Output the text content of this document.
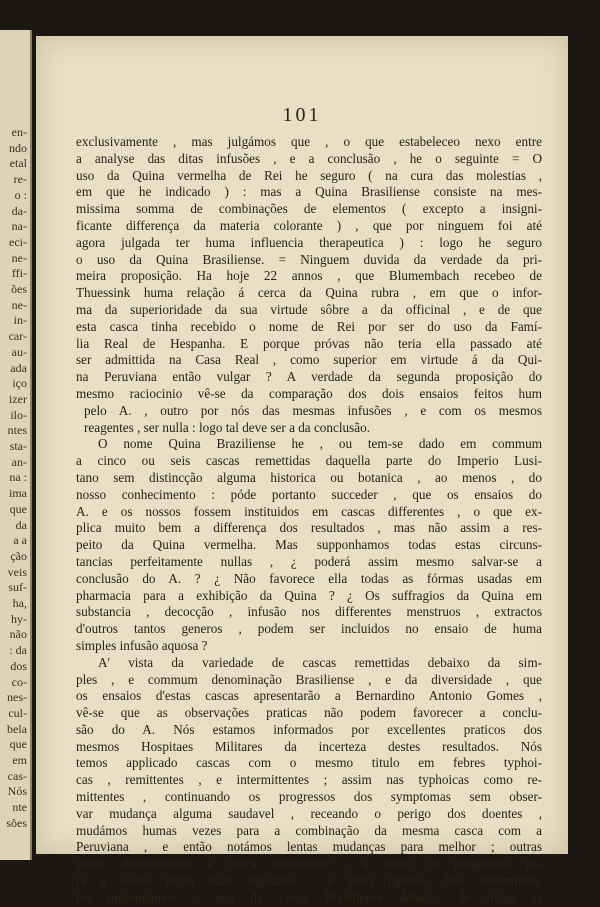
en-
ndo
etal
re-
o :
da-
na-
eci-
ne-
ffi-
ões
ne-
in-
car-
au-
ada
iço
izer
ilo-
ntes
sta-
an-
na :
ima
que
da
a a
ção
veis
suf-
ha,
hy-
não
: da
dos
co-
nes-
cul-
bela
que
em
cas-
Nós
nte
sões
101
exclusivamente , mas julgámos que , o que estabeleceo nexo entre
a analyse das ditas infusões , e a conclusão , he o seguinte = O
uso da Quina vermelha de Rei he seguro ( na cura das molestias ,
em que he indicado ) : mas a Quina Brasiliense consiste na mes-
missima somma de combinações de elementos ( excepto a insigni-
ficante differença da materia colorante ) , que por ninguem foi até
agora julgada ter huma influencia therapeutica ) : logo he seguro
o uso da Quina Brasiliense. = Ninguem duvida da verdade da pri-
meira proposição. Ha hoje 22 annos , que Blumembach recebeo de
Thuessink huma relação á cerca da Quina rubra , em que o infor-
ma da superioridade da sua virtude sôbre a da officinal , e de que
esta casca tinha recebido o nome de Rei por ser do uso da Famí-
lia Real de Hespanha. E porque próvas não teria ella passado até
ser admittida na Casa Real , como superior em virtude á da Qui-
na Peruviana então vulgar ? A verdade da segunda proposição do
mesmo raciocinio vê-se da comparação dos dois ensaios feitos hum
pelo A. , outro por nós das mesmas infusões , e com os mesmos
reagentes , ser nulla : logo tal deve ser a da conclusão.
O nome Quina Braziliense he , ou tem-se dado em commum
a cinco ou seis cascas remettidas daquella parte do Imperio Lusi-
tano sem distincção alguma historica ou botanica , ao menos , do
nosso conhecimento : póde portanto succeder , que os ensaios do
A. e os nossos fossem instituidos em cascas differentes , o que ex-
plica muito bem a differença dos resultados , mas não assim a res-
peito da Quina vermelha. Mas supponhamos todas estas circuns-
tancias perfeitamente nullas , ¿ poderá assim mesmo salvar-se a
conclusão do A. ? ¿ Não favorece ella todas as fórmas usadas em
pharmacia para a exhibição da Quina ? ¿ Os suffragios da Quina em
substancia , decocção , infusão nos differentes menstruos , extractos
d'outros tantos generos , podem ser incluidos no ensaio de huma
simples infusão aquosa ?
A' vista da variedade de cascas remettidas debaixo da sim-
ples , e commum denominação Brasiliense , e da diversidade , que
os ensaios d'estas cascas apresentarão a Bernardino Antonio Gomes ,
vê-se que as observações praticas não podem favorecer a conclu-
são do A. Nós estamos informados por excellentes praticos dos
mesmos Hospitaes Militares da incerteza destes resultados. Nós
temos applicado cascas com o mesmo titulo em febres typhoi-
cas , remittentes , e intermittentes ; assim nas typhoicas como re-
mittentes , continuando os progressos dos symptomas sem obser-
var mudança alguma saudavel , receando o perigo dos doentes ,
mudámos humas vezes para a combinação da mesma casca com a
Peruviana , e então notámos lentas mudanças para melhor ; outras
vezes abandonámos a casca Brasiliense , e então os progressos pa-
ra a saude forão mais regulares , e mais rapidos. Nas intermitten-
tes prolongamos o uso da casca Brasiliense debaixo de todas as
